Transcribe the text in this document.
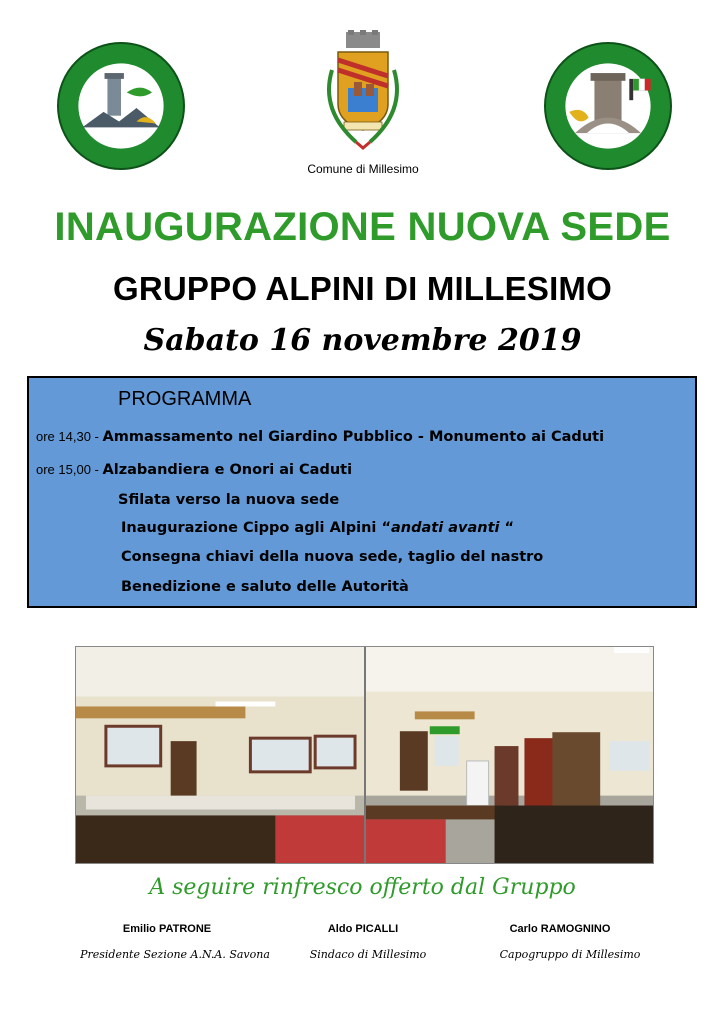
Comune di Millesimo
INAUGURAZIONE NUOVA SEDE
GRUPPO ALPINI DI MILLESIMO
Sabato 16 novembre 2019
PROGRAMMA
ore 14,30 - Ammassamento nel Giardino Pubblico - Monumento ai Caduti
ore 15,00 - Alzabandiera e Onori ai Caduti
Sfilata verso la nuova sede
Inaugurazione Cippo agli Alpini “andati avanti “
Consegna chiavi della nuova sede, taglio del nastro
Benedizione e saluto delle Autorità
A seguire rinfresco offerto dal Gruppo
Emilio PATRONE
Presidente Sezione A.N.A. Savona
Aldo PICALLI
Sindaco di Millesimo
Carlo RAMOGNINO
Capogruppo di Millesimo
